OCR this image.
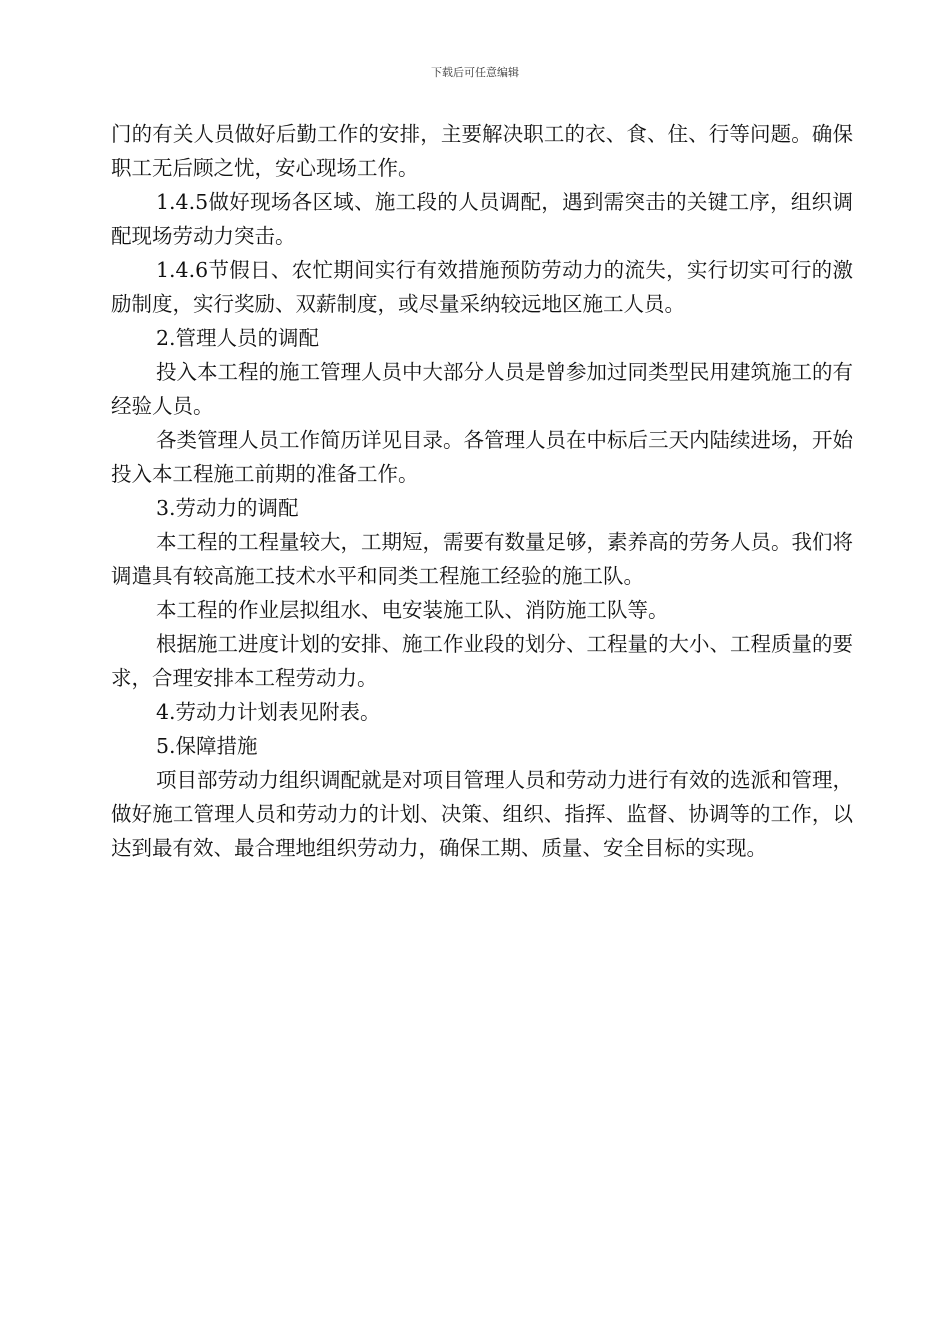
下载后可任意编辑

门的有关人员做好后勤工作的安排，主要解决职工的衣、食、住、行等问题。确保职工无后顾之忧，安心现场工作。

1.4.5做好现场各区域、施工段的人员调配，遇到需突击的关键工序，组织调配现场劳动力突击。

1.4.6节假日、农忙期间实行有效措施预防劳动力的流失，实行切实可行的激励制度，实行奖励、双薪制度，或尽量采纳较远地区施工人员。

2.管理人员的调配

投入本工程的施工管理人员中大部分人员是曾参加过同类型民用建筑施工的有经验人员。

各类管理人员工作简历详见目录。各管理人员在中标后三天内陆续进场，开始投入本工程施工前期的准备工作。

3.劳动力的调配

本工程的工程量较大，工期短，需要有数量足够，素养高的劳务人员。我们将调遣具有较高施工技术水平和同类工程施工经验的施工队。

本工程的作业层拟组水、电安装施工队、消防施工队等。

根据施工进度计划的安排、施工作业段的划分、工程量的大小、工程质量的要求，合理安排本工程劳动力。

4.劳动力计划表见附表。

5.保障措施

项目部劳动力组织调配就是对项目管理人员和劳动力进行有效的选派和管理，做好施工管理人员和劳动力的计划、决策、组织、指挥、监督、协调等的工作，以达到最有效、最合理地组织劳动力，确保工期、质量、安全目标的实现。
